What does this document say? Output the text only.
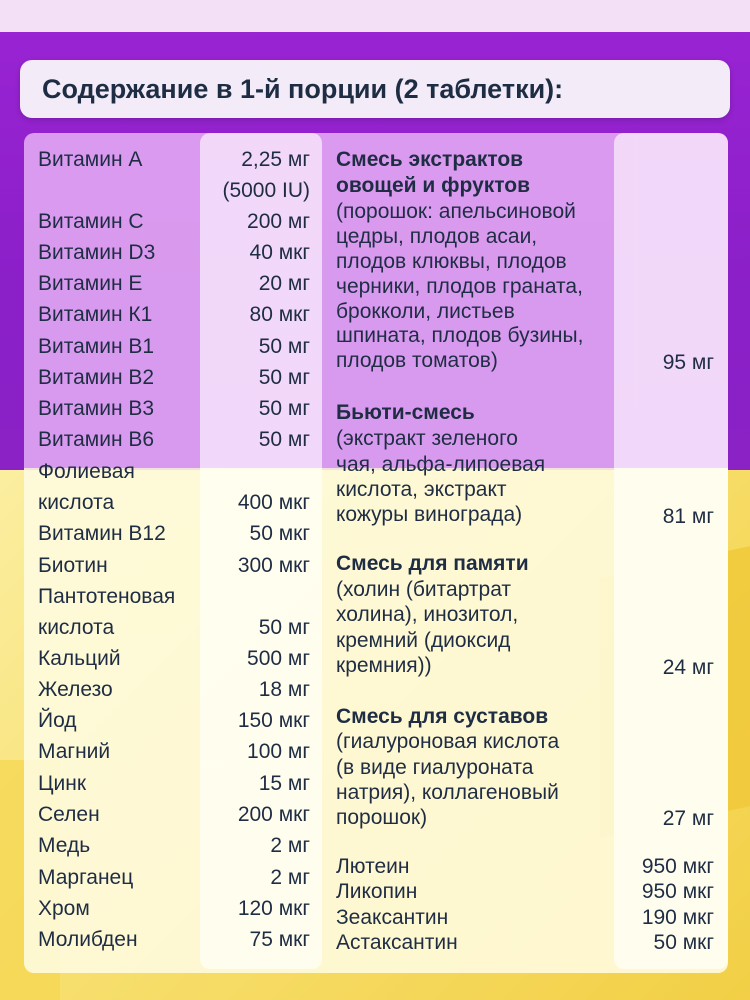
Содержание в 1-й порции (2 таблетки):
Витамин А	2,25 мг
(5000 IU)
Витамин С	200 мг
Витамин D3	40 мкг
Витамин Е	20 мг
Витамин К1	80 мкг
Витамин В1	50 мг
Витамин В2	50 мг
Витамин В3	50 мг
Витамин В6	50 мг
Фолиевая
кислота	400 мкг
Витамин В12	50 мкг
Биотин	300 мкг
Пантотеновая
кислота	50 мг
Кальций	500 мг
Железо	18 мг
Йод	150 мкг
Магний	100 мг
Цинк	15 мг
Селен	200 мкг
Медь	2 мг
Марганец	2 мг
Хром	120 мкг
Молибден	75 мкг
Смесь экстрактов
овощей и фруктов
(порошок: апельсиновой
цедры, плодов асаи,
плодов клюквы, плодов
черники, плодов граната,
брокколи, листьев
шпината, плодов бузины,
плодов томатов)	95 мг
Бьюти-смесь
(экстракт зеленого
чая, альфа-липоевая
кислота, экстракт
кожуры винограда)	81 мг
Смесь для памяти
(холин (битартрат
холина), инозитол,
кремний (диоксид
кремния))	24 мг
Смесь для суставов
(гиалуроновая кислота
(в виде гиалуроната
натрия), коллагеновый
порошок)	27 мг
Лютеин	950 мкг
Ликопин	950 мкг
Зеаксантин	190 мкг
Астаксантин	50 мкг
